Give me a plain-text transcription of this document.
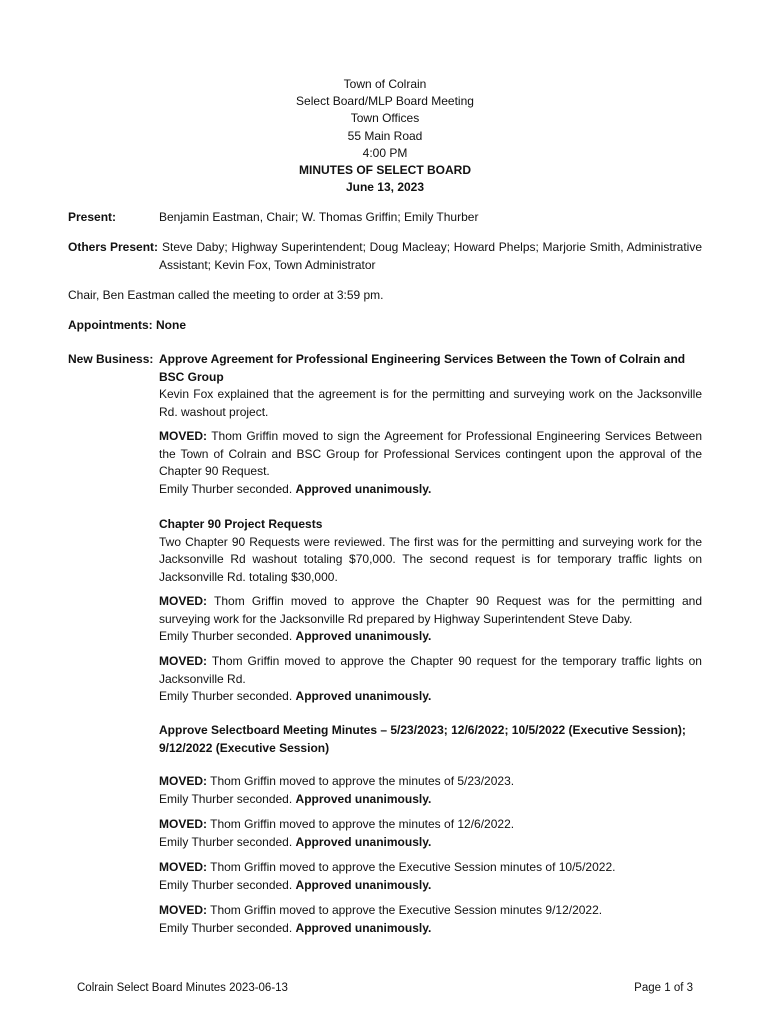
Town of Colrain
Select Board/MLP Board Meeting
Town Offices
55 Main Road
4:00 PM
MINUTES OF SELECT BOARD
June 13, 2023
Present:	Benjamin Eastman, Chair; W. Thomas Griffin; Emily Thurber
Others Present: Steve Daby; Highway Superintendent; Doug Macleay; Howard Phelps; Marjorie Smith, Administrative Assistant; Kevin Fox, Town Administrator
Chair, Ben Eastman called the meeting to order at 3:59 pm.
Appointments: None
New Business: Approve Agreement for Professional Engineering Services Between the Town of Colrain and BSC Group

Kevin Fox explained that the agreement is for the permitting and surveying work on the Jacksonville Rd. washout project.

MOVED: Thom Griffin moved to sign the Agreement for Professional Engineering Services Between the Town of Colrain and BSC Group for Professional Services contingent upon the approval of the Chapter 90 Request.

Emily Thurber seconded. Approved unanimously.

Chapter 90 Project Requests

Two Chapter 90 Requests were reviewed. The first was for the permitting and surveying work for the Jacksonville Rd washout totaling $70,000. The second request is for temporary traffic lights on Jacksonville Rd. totaling $30,000.

MOVED: Thom Griffin moved to approve the Chapter 90 Request was for the permitting and surveying work for the Jacksonville Rd prepared by Highway Superintendent Steve Daby.

Emily Thurber seconded. Approved unanimously.

MOVED: Thom Griffin moved to approve the Chapter 90 request for the temporary traffic lights on Jacksonville Rd.

Emily Thurber seconded. Approved unanimously.

Approve Selectboard Meeting Minutes – 5/23/2023; 12/6/2022; 10/5/2022 (Executive Session); 9/12/2022 (Executive Session)

MOVED: Thom Griffin moved to approve the minutes of 5/23/2023.

Emily Thurber seconded. Approved unanimously.

MOVED: Thom Griffin moved to approve the minutes of 12/6/2022.

Emily Thurber seconded. Approved unanimously.

MOVED: Thom Griffin moved to approve the Executive Session minutes of 10/5/2022.

Emily Thurber seconded. Approved unanimously.

MOVED: Thom Griffin moved to approve the Executive Session minutes 9/12/2022.

Emily Thurber seconded. Approved unanimously.

Colrain Select Board Minutes 2023-06-13	Page 1 of 3
